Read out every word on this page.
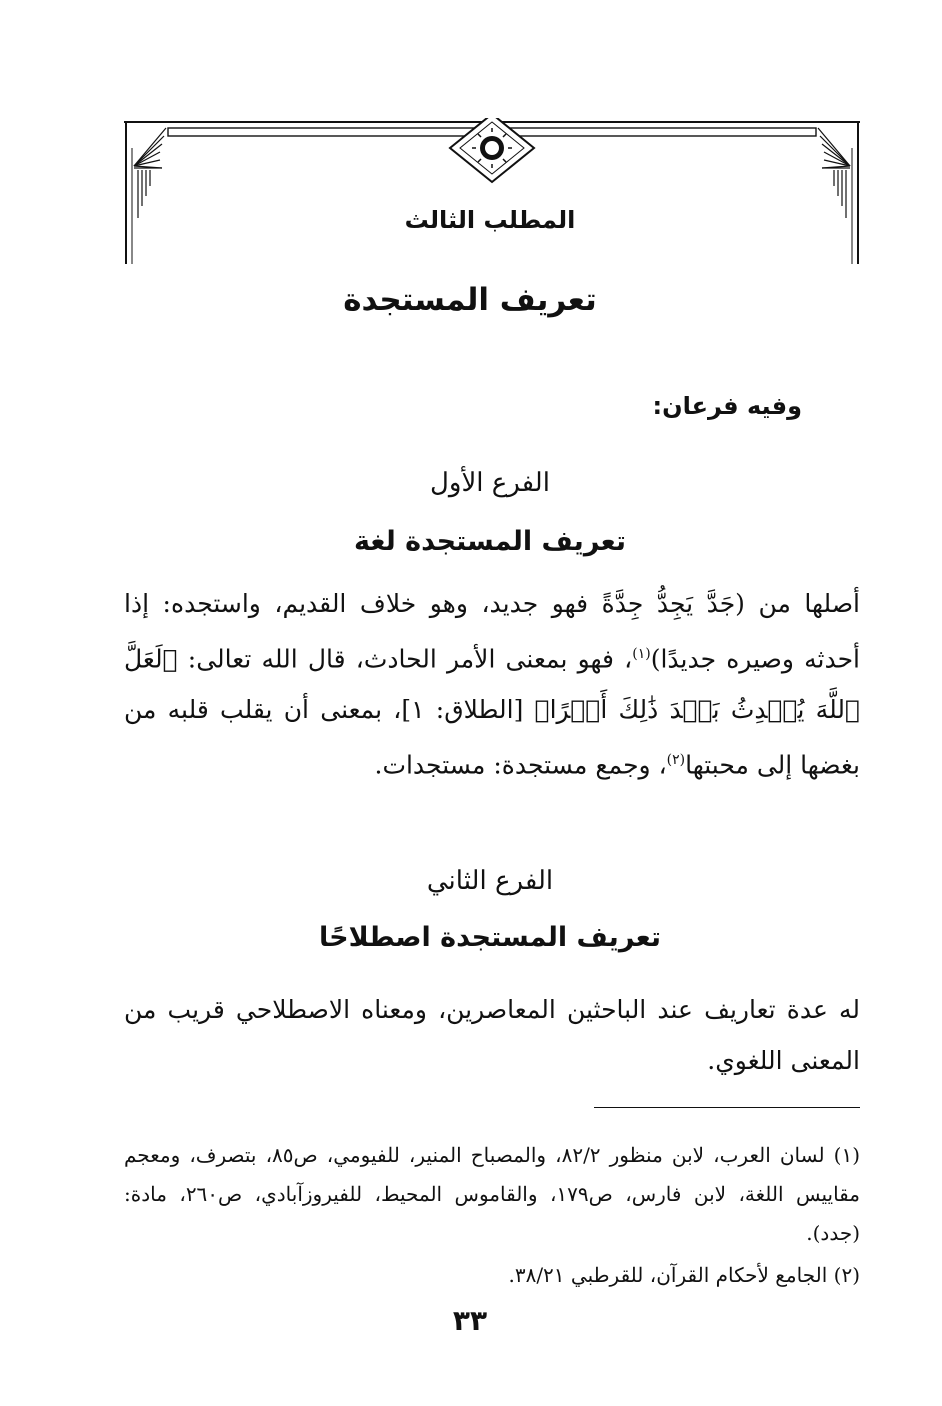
المطلب الثالث
تعريف المستجدة
وفيه فرعان:
الفرع الأول
تعريف المستجدة لغة
أصلها من (جَدَّ يَجِدُّ جِدَّةً فهو جديد، وهو خلاف القديم، واستجده: إذا أحدثه وصيره جديدًا)$^{(١)}$، فهو بمعنى الأمر الحادث، قال الله تعالى: ﴿لَعَلَّ ٱللَّهَ يُحۡدِثُ بَعۡدَ ذَٰلِكَ أَمۡرًا﴾ [الطلاق: ١]، بمعنى أن يقلب قلبه من بغضها إلى محبتها$^{(٢)}$، وجمع مستجدة: مستجدات.
الفرع الثاني
تعريف المستجدة اصطلاحًا
له عدة تعاريف عند الباحثين المعاصرين، ومعناه الاصطلاحي قريب من المعنى اللغوي.
(١) لسان العرب، لابن منظور ٨٢/٢، والمصباح المنير، للفيومي، ص٨٥، بتصرف، ومعجم مقاييس اللغة، لابن فارس، ص١٧٩، والقاموس المحيط، للفيروزآبادي، ص٢٦٠، مادة: (جدد).
(٢) الجامع لأحكام القرآن، للقرطبي ٣٨/٢١.
٣٣
